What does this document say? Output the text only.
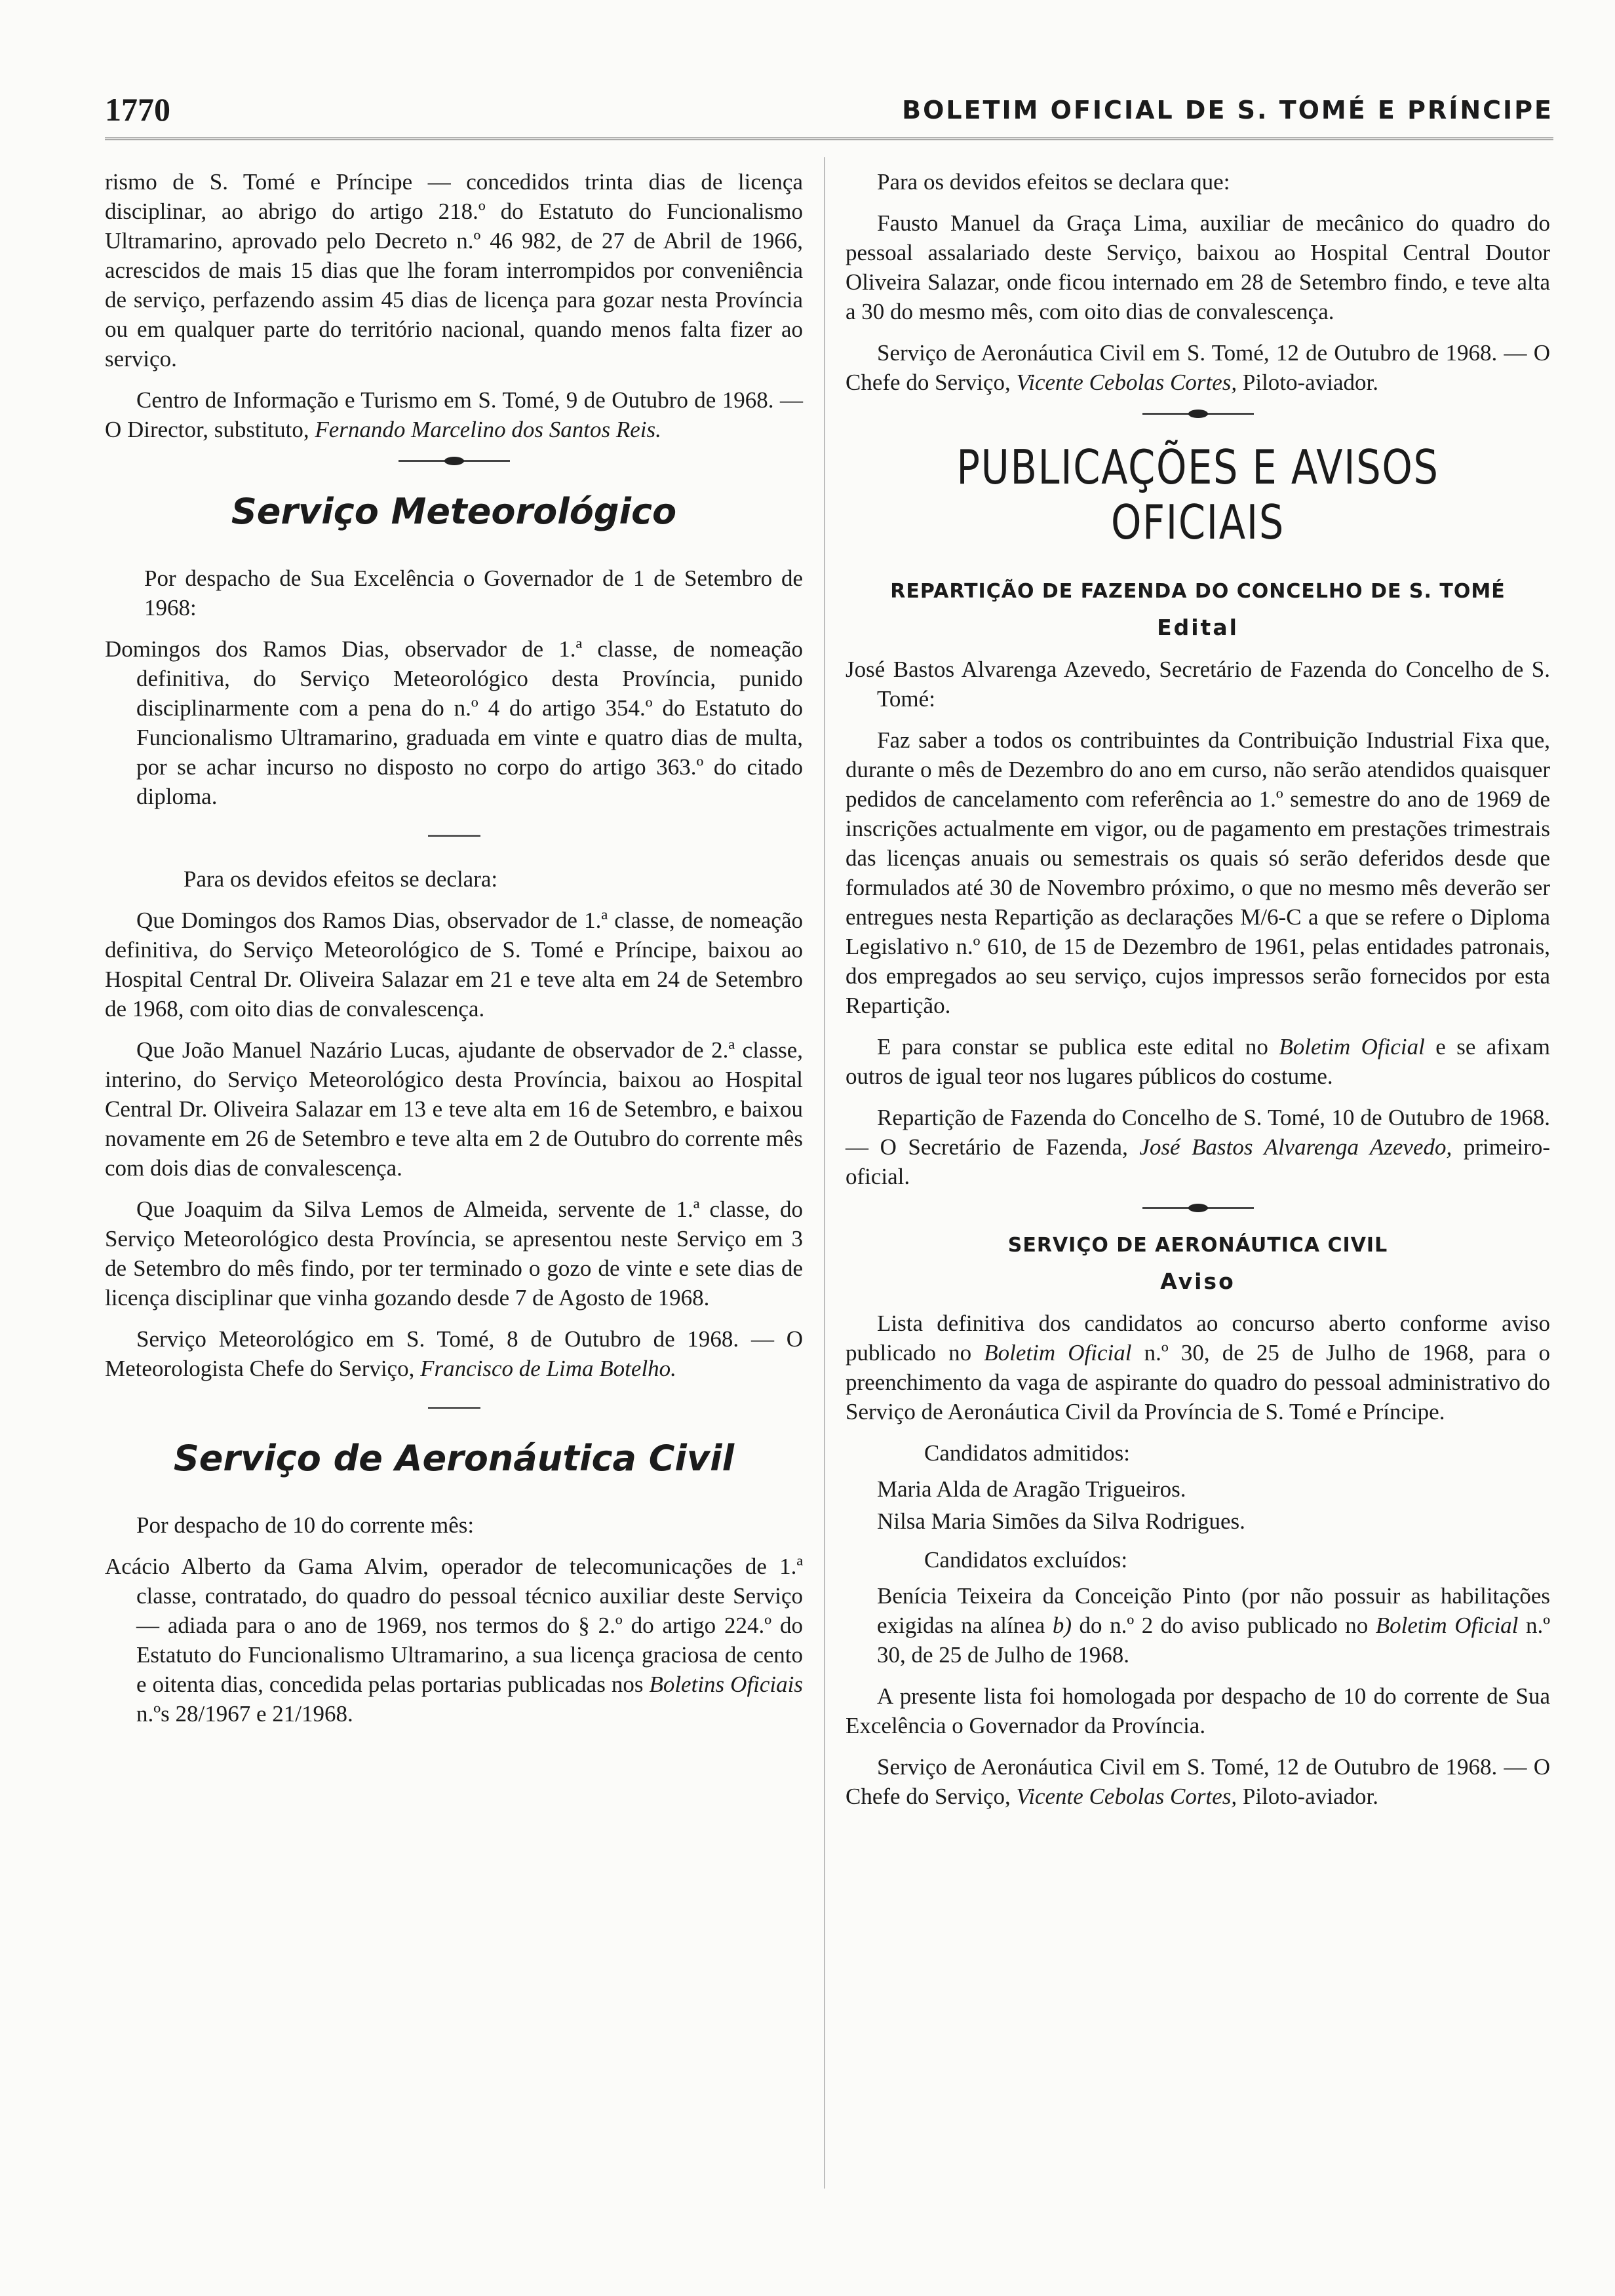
1770	BOLETIM OFICIAL DE S. TOMÉ E PRÍNCIPE

rismo de S. Tomé e Príncipe — concedidos trinta dias de licença disciplinar, ao abrigo do artigo 218.º do Estatuto do Funcionalismo Ultramarino, aprovado pelo Decreto n.º 46 982, de 27 de Abril de 1966, acrescidos de mais 15 dias que lhe foram interrompidos por conveniência de serviço, perfazendo assim 45 dias de licença para gozar nesta Província ou em qualquer parte do território nacional, quando menos falta fizer ao serviço.

Centro de Informação e Turismo em S. Tomé, 9 de Outubro de 1968. — O Director, substituto, Fernando Marcelino dos Santos Reis.

Serviço Meteorológico

Por despacho de Sua Excelência o Governador de 1 de Setembro de 1968:

Domingos dos Ramos Dias, observador de 1.ª classe, de nomeação definitiva, do Serviço Meteorológico desta Província, punido disciplinarmente com a pena do n.º 4 do artigo 354.º do Estatuto do Funcionalismo Ultramarino, graduada em vinte e quatro dias de multa, por se achar incurso no disposto no corpo do artigo 363.º do citado diploma.

Para os devidos efeitos se declara:

Que Domingos dos Ramos Dias, observador de 1.ª classe, de nomeação definitiva, do Serviço Meteorológico de S. Tomé e Príncipe, baixou ao Hospital Central Dr. Oliveira Salazar em 21 e teve alta em 24 de Setembro de 1968, com oito dias de convalescença.

Que João Manuel Nazário Lucas, ajudante de observador de 2.ª classe, interino, do Serviço Meteorológico desta Província, baixou ao Hospital Central Dr. Oliveira Salazar em 13 e teve alta em 16 de Setembro, e baixou novamente em 26 de Setembro e teve alta em 2 de Outubro do corrente mês com dois dias de convalescença.

Que Joaquim da Silva Lemos de Almeida, servente de 1.ª classe, do Serviço Meteorológico desta Província, se apresentou neste Serviço em 3 de Setembro do mês findo, por ter terminado o gozo de vinte e sete dias de licença disciplinar que vinha gozando desde 7 de Agosto de 1968.

Serviço Meteorológico em S. Tomé, 8 de Outubro de 1968. — O Meteorologista Chefe do Serviço, Francisco de Lima Botelho.

Serviço de Aeronáutica Civil

Por despacho de 10 do corrente mês:

Acácio Alberto da Gama Alvim, operador de telecomunicações de 1.ª classe, contratado, do quadro do pessoal técnico auxiliar deste Serviço — adiada para o ano de 1969, nos termos do § 2.º do artigo 224.º do Estatuto do Funcionalismo Ultramarino, a sua licença graciosa de cento e oitenta dias, concedida pelas portarias publicadas nos Boletins Oficiais n.ºs 28/1967 e 21/1968.

Para os devidos efeitos se declara que:

Fausto Manuel da Graça Lima, auxiliar de mecânico do quadro do pessoal assalariado deste Serviço, baixou ao Hospital Central Doutor Oliveira Salazar, onde ficou internado em 28 de Setembro findo, e teve alta a 30 do mesmo mês, com oito dias de convalescença.

Serviço de Aeronáutica Civil em S. Tomé, 12 de Outubro de 1968. — O Chefe do Serviço, Vicente Cebolas Cortes, Piloto-aviador.

PUBLICAÇÕES E AVISOS OFICIAIS
REPARTIÇÃO DE FAZENDA DO CONCELHO DE S. TOMÉ
Edital

José Bastos Alvarenga Azevedo, Secretário de Fazenda do Concelho de S. Tomé:

Faz saber a todos os contribuintes da Contribuição Industrial Fixa que, durante o mês de Dezembro do ano em curso, não serão atendidos quaisquer pedidos de cancelamento com referência ao 1.º semestre do ano de 1969 de inscrições actualmente em vigor, ou de pagamento em prestações trimestrais das licenças anuais ou semestrais os quais só serão deferidos desde que formulados até 30 de Novembro próximo, o que no mesmo mês deverão ser entregues nesta Repartição as declarações M/6-C a que se refere o Diploma Legislativo n.º 610, de 15 de Dezembro de 1961, pelas entidades patronais, dos empregados ao seu serviço, cujos impressos serão fornecidos por esta Repartição.

E para constar se publica este edital no Boletim Oficial e se afixam outros de igual teor nos lugares públicos do costume.

Repartição de Fazenda do Concelho de S. Tomé, 10 de Outubro de 1968. — O Secretário de Fazenda, José Bastos Alvarenga Azevedo, primeiro-oficial.

SERVIÇO DE AERONÁUTICA CIVIL
Aviso

Lista definitiva dos candidatos ao concurso aberto conforme aviso publicado no Boletim Oficial n.º 30, de 25 de Julho de 1968, para o preenchimento da vaga de aspirante do quadro do pessoal administrativo do Serviço de Aeronáutica Civil da Província de S. Tomé e Príncipe.

Candidatos admitidos:

Maria Alda de Aragão Trigueiros.

Nilsa Maria Simões da Silva Rodrigues.

Candidatos excluídos:

Benícia Teixeira da Conceição Pinto (por não possuir as habilitações exigidas na alínea b) do n.º 2 do aviso publicado no Boletim Oficial n.º 30, de 25 de Julho de 1968.

A presente lista foi homologada por despacho de 10 do corrente de Sua Excelência o Governador da Província.

Serviço de Aeronáutica Civil em S. Tomé, 12 de Outubro de 1968. — O Chefe do Serviço, Vicente Cebolas Cortes, Piloto-aviador.
